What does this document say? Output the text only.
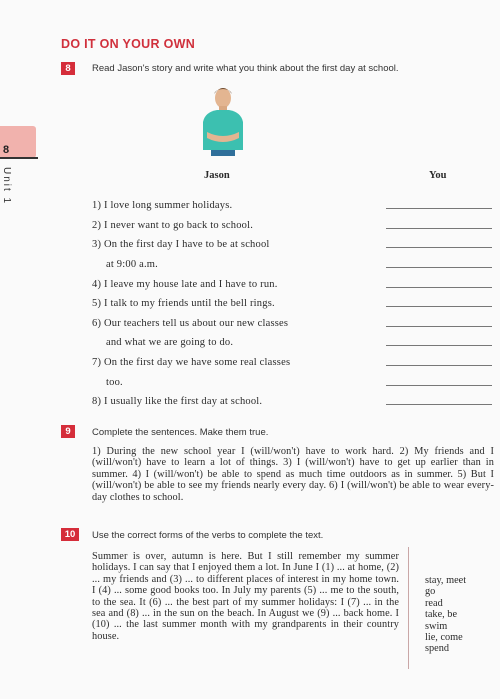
DO IT ON YOUR OWN
8
Unit 1
8	Read Jason's story and write what you think about the first day at school.
Jason	You
1) I love long summer holidays.
2) I never want to go back to school.
3) On the first day I have to be at school
at 9:00 a.m.
4) I leave my house late and I have to run.
5) I talk to my friends until the bell rings.
6) Our teachers tell us about our new classes
and what we are going to do.
7) On the first day we have some real classes
too.
8) I usually like the first day at school.
9	Complete the sentences. Make them true.
1) During the new school year I (will/won't) have to work hard. 2) My friends and I (will/won't) have to learn a lot of things. 3) I (will/won't) have to get up earlier than in summer. 4) I (will/won't) be able to spend as much time outdoors as in summer. 5) But I (will/won't) be able to see my friends nearly every day. 6) I (will/won't) be able to wear every-day clothes to school.
10	Use the correct forms of the verbs to complete the text.
Summer is over, autumn is here. But I still remember my summer holidays. I can say that I enjoyed them a lot. In June I (1) ... at home, (2) ... my friends and (3) ... to different places of interest in my home town. I (4) ... some good books too. In July my parents (5) ... me to the south, to the sea. It (6) ... the best part of my summer holidays: I (7) ... in the sea and (8) ... in the sun on the beach. In August we (9) ... back home. I (10) ... the last summer month with my grandparents in their country house.
stay, meet
go
read
take, be
swim
lie, come
spend
